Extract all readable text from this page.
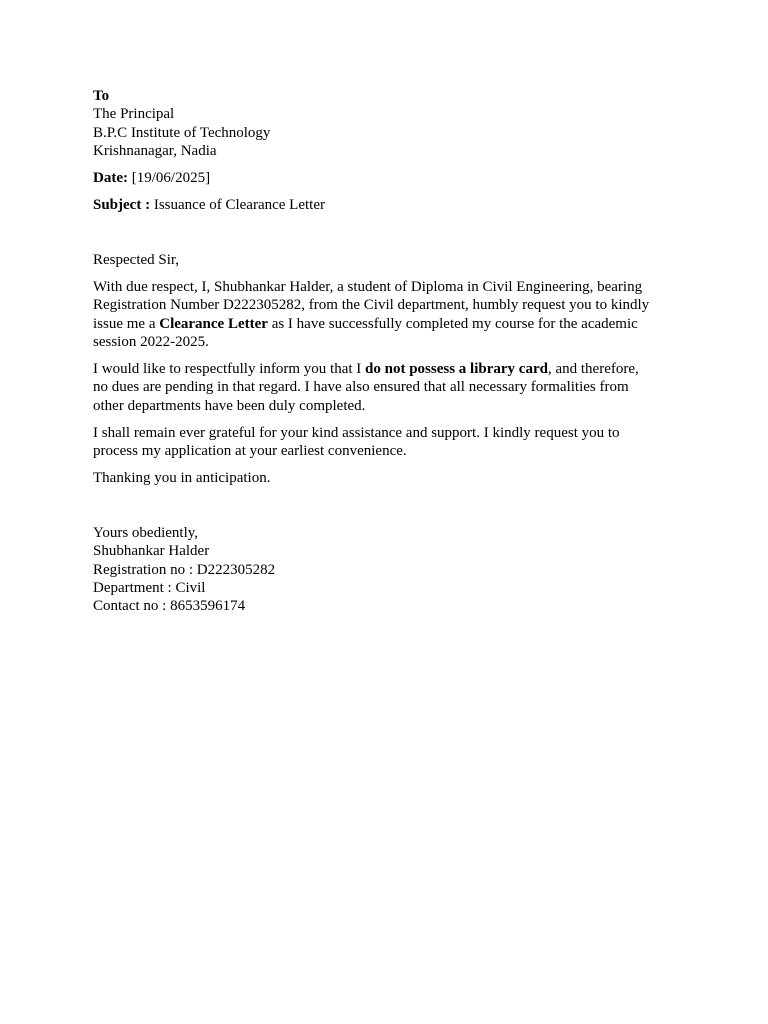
To
The Principal
B.P.C Institute of Technology
Krishnanagar, Nadia
Date: [19/06/2025]
Subject : Issuance of Clearance Letter
Respected Sir,
With due respect, I, Shubhankar Halder, a student of Diploma in Civil Engineering, bearing
Registration Number D222305282, from the Civil department, humbly request you to kindly
issue me a Clearance Letter as I have successfully completed my course for the academic
session 2022-2025.
I would like to respectfully inform you that I do not possess a library card, and therefore,
no dues are pending in that regard. I have also ensured that all necessary formalities from
other departments have been duly completed.
I shall remain ever grateful for your kind assistance and support. I kindly request you to
process my application at your earliest convenience.
Thanking you in anticipation.
Yours obediently,
Shubhankar Halder
Registration no : D222305282
Department : Civil
Contact no : 8653596174
